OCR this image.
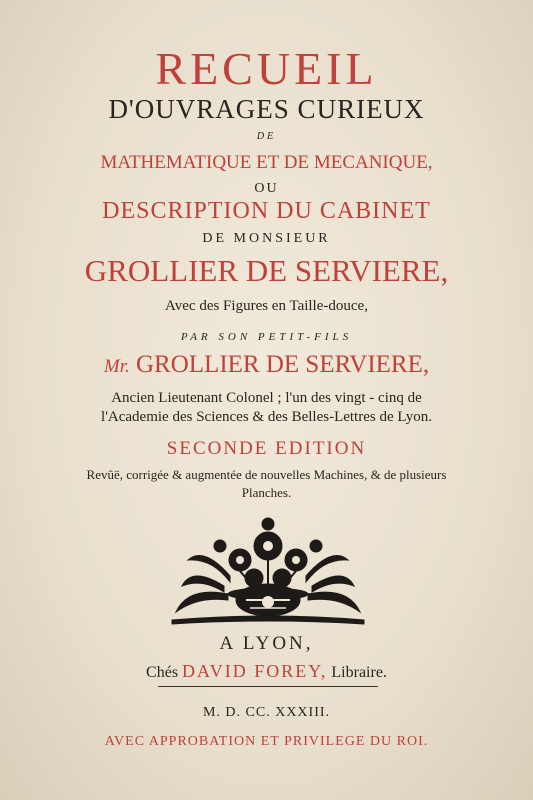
RECUEIL
D'OUVRAGES CURIEUX
DE
MATHEMATIQUE ET DE MECANIQUE,
OU
DESCRIPTION DU CABINET
DE MONSIEUR
GROLLIER DE SERVIERE,
Avec des Figures en Taille-douce,
PAR SON PETIT-FILS
Mr. GROLLIER DE SERVIERE,
Ancien Lieutenant Colonel ; l'un des vingt - cinq de
l'Academie des Sciences & des Belles-Lettres de Lyon.
SECONDE EDITION
Revûë, corrigée & augmentée de nouvelles Machines, & de plusieurs
Planches.
A LYON,
Chés DAVID FOREY, Libraire.
M. D. CC. XXXIII.
AVEC APPROBATION ET PRIVILEGE DU ROI.
